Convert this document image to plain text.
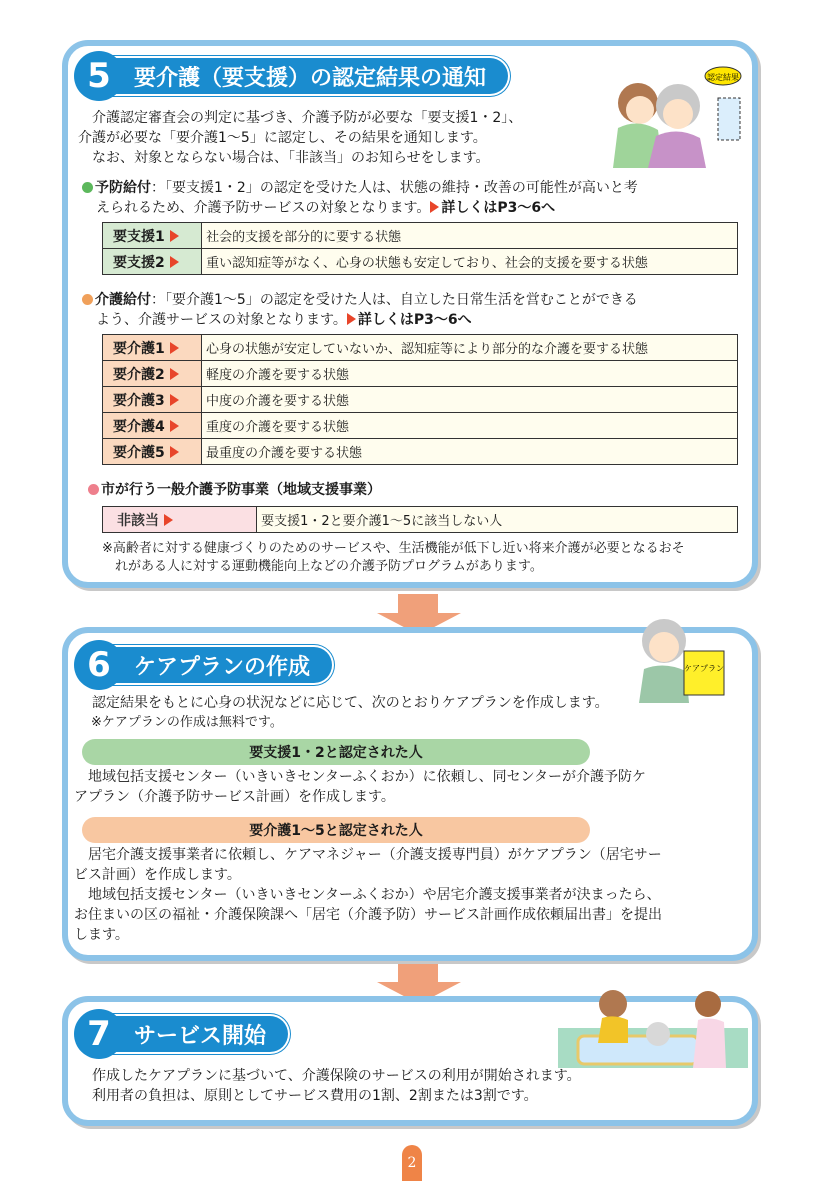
5	要介護（要支援）の認定結果の通知	認定結果
　介護認定審査会の判定に基づき、介護予防が必要な「要支援1・2」、
介護が必要な「要介護1～5」に認定し、その結果を通知します。
　なお、対象とならない場合は、「非該当」のお知らせをします。
予防給付：「要支援1・2」の認定を受けた人は、状態の維持・改善の可能性が高いと考
えられるため、介護予防サービスの対象となります。 詳しくはP3～6へ
要支援1	社会的支援を部分的に要する状態
要支援2	重い認知症等がなく、心身の状態も安定しており、社会的支援を要する状態
介護給付：「要介護1～5」の認定を受けた人は、自立した日常生活を営むことができる
よう、介護サービスの対象となります。 詳しくはP3～6へ
要介護1	心身の状態が安定していないか、認知症等により部分的な介護を要する状態
要介護2	軽度の介護を要する状態
要介護3	中度の介護を要する状態
要介護4	重度の介護を要する状態
要介護5	最重度の介護を要する状態
市が行う一般介護予防事業（地域支援事業）
非該当	要支援1・2と要介護1～5に該当しない人
※高齢者に対する健康づくりのためのサービスや、生活機能が低下し近い将来介護が必要となるおそ
　れがある人に対する運動機能向上などの介護予防プログラムがあります。
6	ケアプランの作成	ケアプラン
　認定結果をもとに心身の状況などに応じて、次のとおりケアプランを作成します。
　※ケアプランの作成は無料です。
要支援1・2と認定された人
　地域包括支援センター（いきいきセンターふくおか）に依頼し、同センターが介護予防ケ
アプラン（介護予防サービス計画）を作成します。
要介護1～5と認定された人
　居宅介護支援事業者に依頼し、ケアマネジャー（介護支援専門員）がケアプラン（居宅サー
ビス計画）を作成します。
　地域包括支援センター（いきいきセンターふくおか）や居宅介護支援事業者が決まったら、
お住まいの区の福祉・介護保険課へ「居宅（介護予防）サービス計画作成依頼届出書」を提出
します。
7	サービス開始
　作成したケアプランに基づいて、介護保険のサービスの利用が開始されます。
　利用者の負担は、原則としてサービス費用の1割、2割または3割です。
2
